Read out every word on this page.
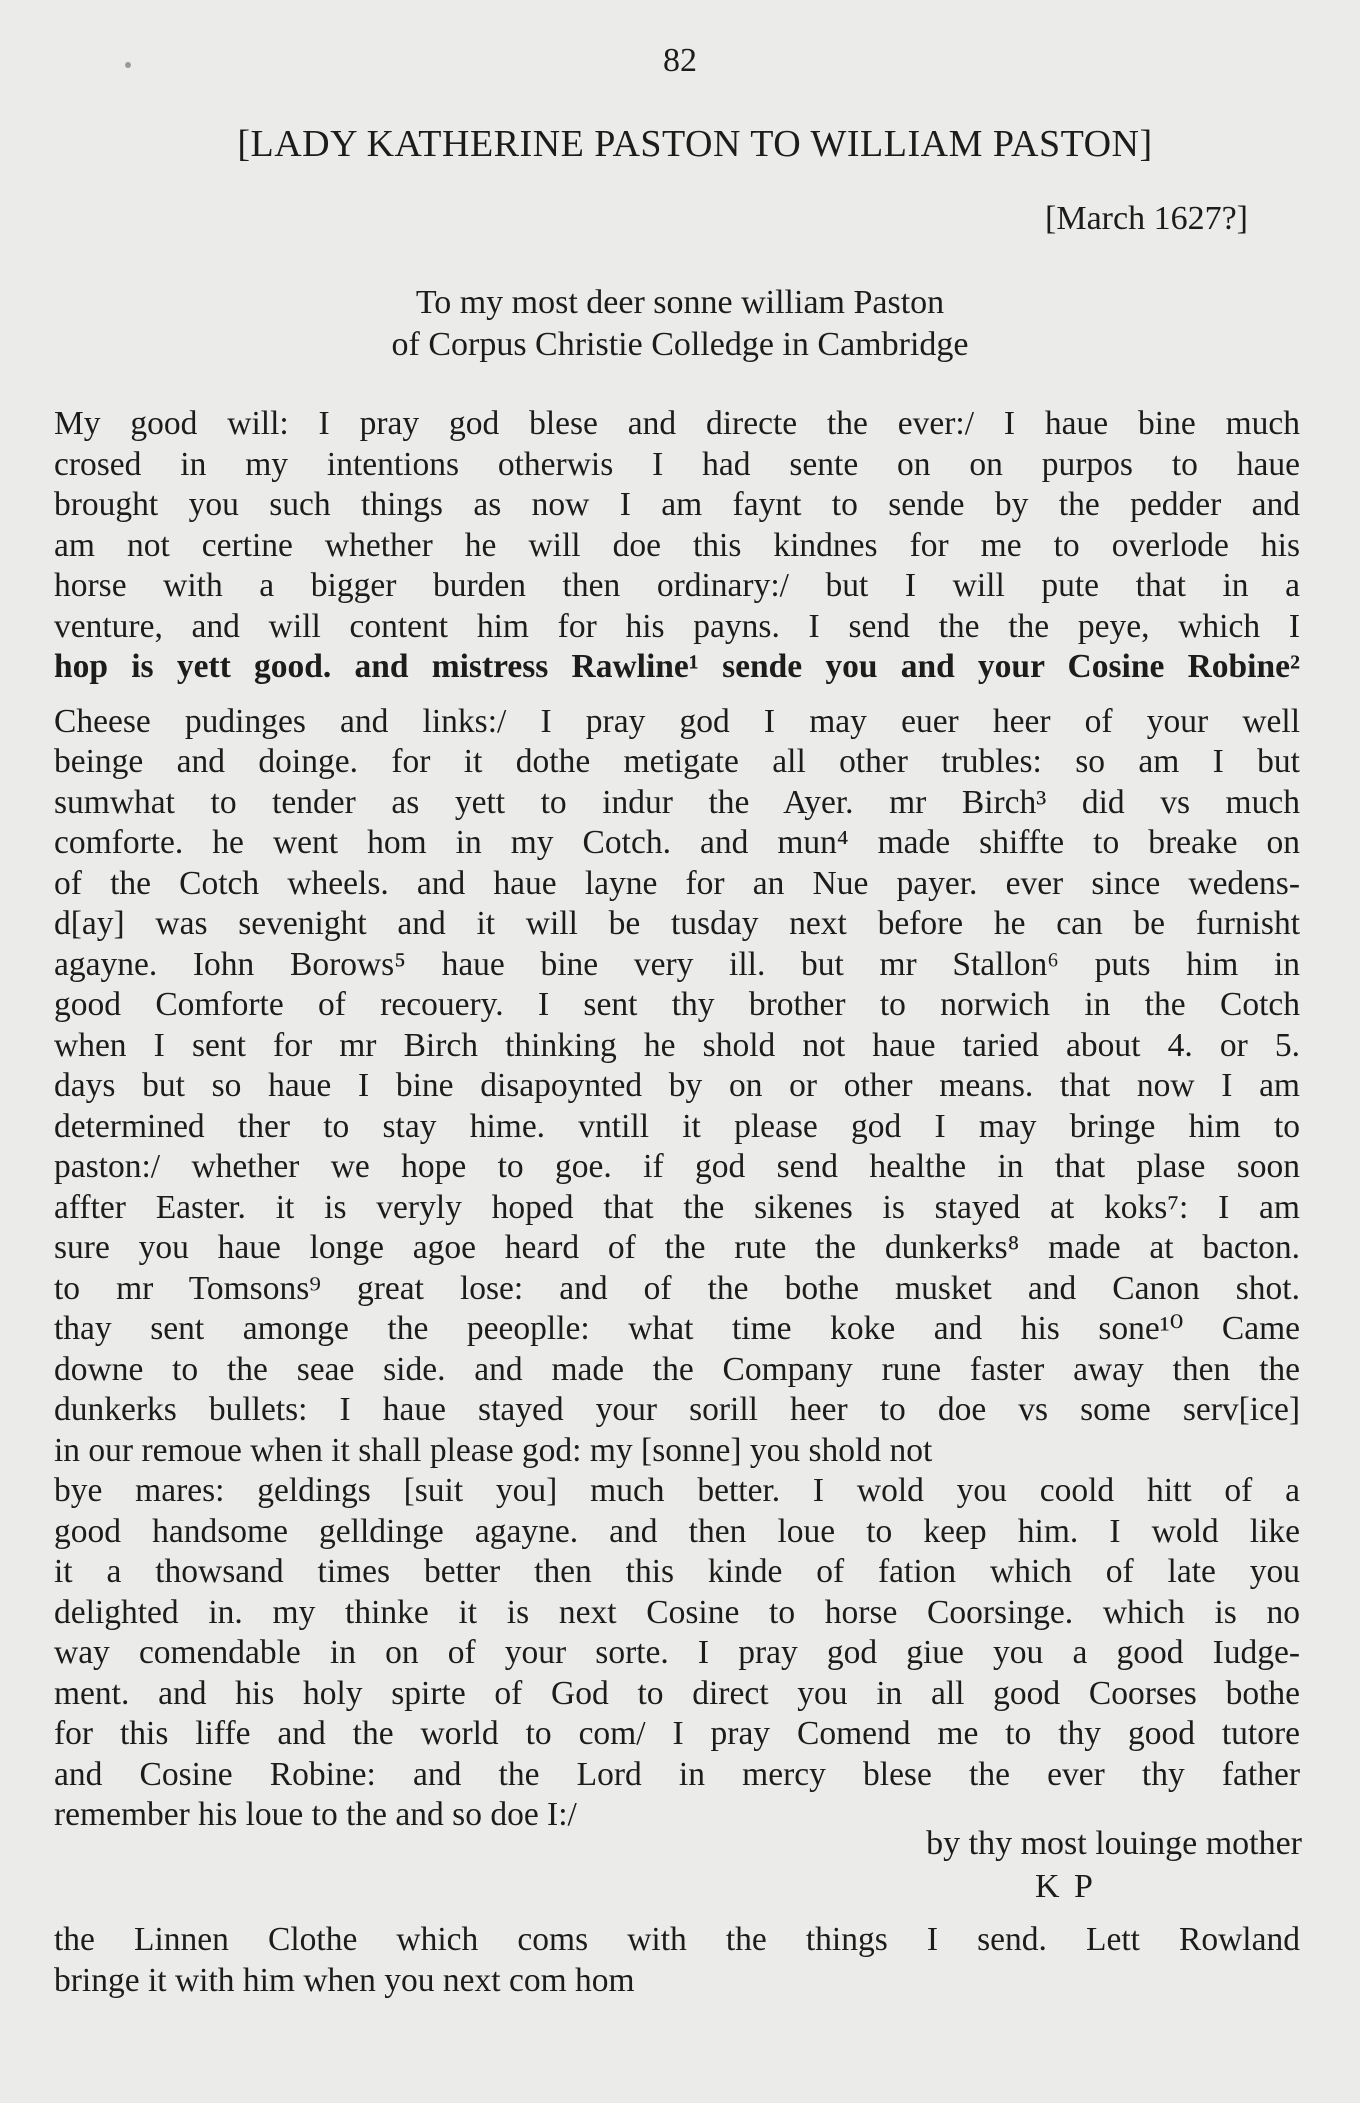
82
[LADY KATHERINE PASTON TO WILLIAM PASTON]
[March 1627?]
To my most deer sonne william Paston
of Corpus Christie Colledge in Cambridge
My good will: I pray god blese and directe the ever:/ I haue bine much
crosed in my intentions otherwis I had sente on on purpos to haue
brought you such things as now I am faynt to sende by the pedder and
am not certine whether he will doe this kindnes for me to overlode his
horse with a bigger burden then ordinary:/ but I will pute that in a
venture, and will content him for his payns. I send the the peye, which I
hop is yett good. and mistress Rawline¹ sende you and your Cosine Robine²
Cheese pudinges and links:/ I pray god I may euer heer of your well
beinge and doinge. for it dothe metigate all other trubles: so am I but
sumwhat to tender as yett to indur the Ayer. mr Birch³ did vs much
comforte. he went hom in my Cotch. and mun⁴ made shiffte to breake on
of the Cotch wheels. and haue layne for an Nue payer. ever since wedens-
d[ay] was sevenight and it will be tusday next before he can be furnisht
agayne. Iohn Borows⁵ haue bine very ill. but mr Stallon⁶ puts him in
good Comforte of recouery. I sent thy brother to norwich in the Cotch
when I sent for mr Birch thinking he shold not haue taried about 4. or 5.
days but so haue I bine disapoynted by on or other means. that now I am
determined ther to stay hime. vntill it please god I may bringe him to
paston:/ whether we hope to goe. if god send healthe in that plase soon
affter Easter. it is veryly hoped that the sikenes is stayed at koks⁷: I am
sure you haue longe agoe heard of the rute the dunkerks⁸ made at bacton.
to mr Tomsons⁹ great lose: and of the bothe musket and Canon shot.
thay sent amonge the peeoplle: what time koke and his sone¹⁰ Came
downe to the seae side. and made the Company rune faster away then the
dunkerks bullets: I haue stayed your sorill heer to doe vs some serv[ice]
in our remoue when it shall please god: my [sonne] you shold not
bye mares: geldings [suit you] much better. I wold you coold hitt of a
good handsome gelldinge agayne. and then loue to keep him. I wold like
it a thowsand times better then this kinde of fation which of late you
delighted in. my thinke it is next Cosine to horse Coorsinge. which is no
way comendable in on of your sorte. I pray god giue you a good Iudge-
ment. and his holy spirte of God to direct you in all good Coorses bothe
for this liffe and the world to com/ I pray Comend me to thy good tutore
and Cosine Robine: and the Lord in mercy blese the ever thy father
remember his loue to the and so doe I:/
by thy most louinge mother
K P
the Linnen Clothe which coms with the things I send. Lett Rowland
bringe it with him when you next com hom
